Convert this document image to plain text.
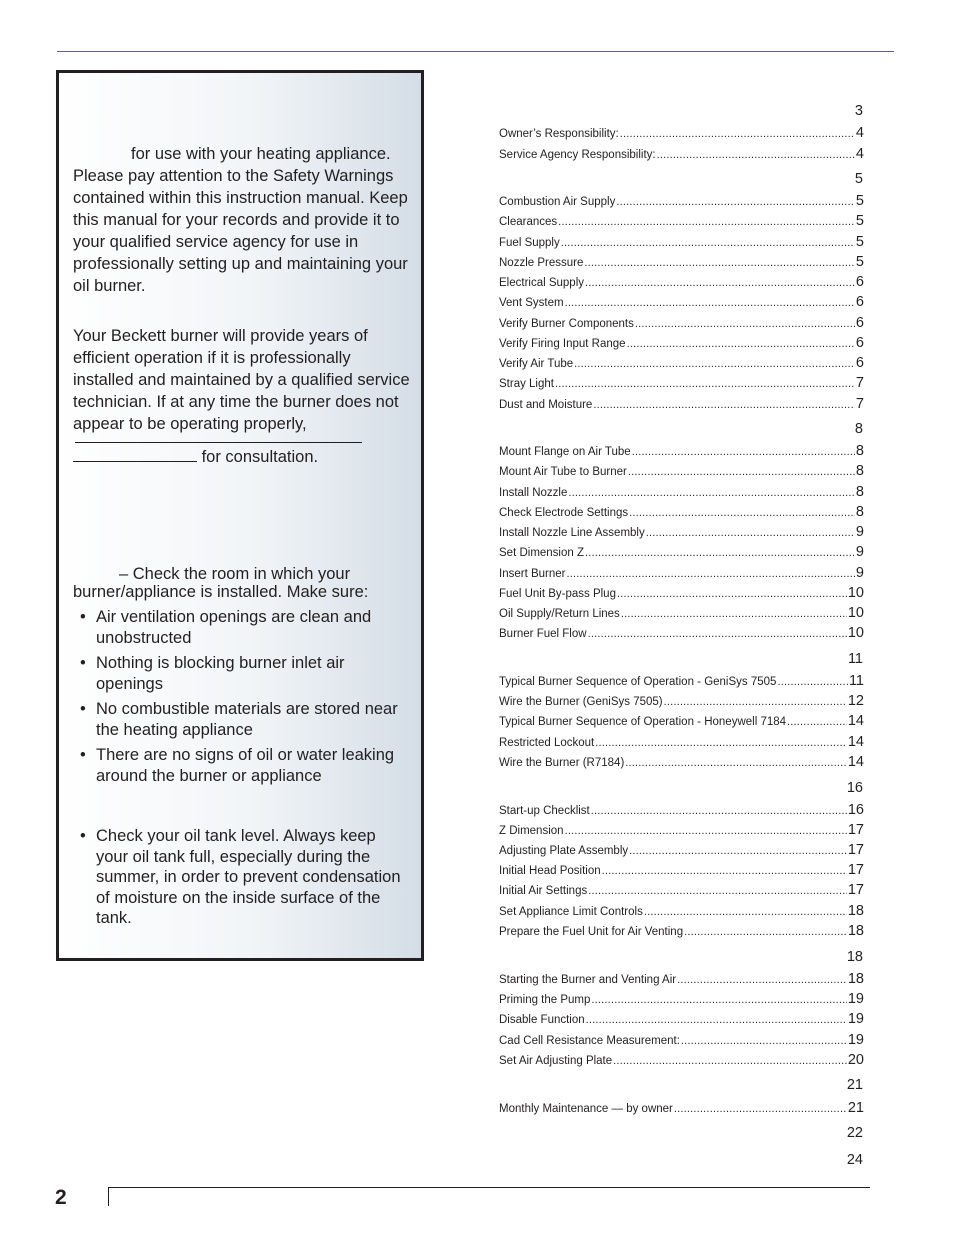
for use with your heating appliance. Please pay attention to the Safety Warnings contained within this instruction manual. Keep this manual for your records and provide it to your qualified service agency for use in professionally setting up and maintaining your oil burner.

Your Beckett burner will provide years of efficient operation if it is professionally installed and maintained by a qualified service technician. If at any time the burner does not appear to be operating properly,

for consultation.

– Check the room in which your burner/appliance is installed. Make sure:

• Air ventilation openings are clean and unobstructed
• Nothing is blocking burner inlet air openings
• No combustible materials are stored near the heating appliance
• There are no signs of oil or water leaking around the burner or appliance
• Check your oil tank level. Always keep your oil tank full, especially during the summer, in order to prevent condensation of moisture on the inside surface of the tank.
3
5
8
11
16
18
21
22
24
Owner’s Responsibility: .....	4
Service Agency Responsibility: .....	4
Combustion Air Supply .....	5
Clearances .....	5
Fuel Supply .....	5
Nozzle Pressure .....	5
Electrical Supply .....	6
Vent System .....	6
Verify Burner Components .....	6
Verify Firing Input Range .....	6
Verify Air Tube .....	6
Stray Light .....	7
Dust and Moisture .....	7
Mount Flange on Air Tube .....	8
Mount Air Tube to Burner .....	8
Install Nozzle .....	8
Check Electrode Settings .....	8
Install Nozzle Line Assembly .....	9
Set Dimension Z .....	9
Insert Burner .....	9
Fuel Unit By-pass Plug .....	10
Oil Supply/Return Lines .....	10
Burner Fuel Flow .....	10
Typical Burner Sequence of Operation - GeniSys 7505 .....	11
Wire the Burner (GeniSys 7505) .....	12
Typical Burner Sequence of Operation - Honeywell 7184 .....	14
Restricted Lockout .....	14
Wire the Burner (R7184) .....	14
Start-up Checklist .....	16
Z Dimension .....	17
Adjusting Plate Assembly .....	17
Initial Head Position .....	17
Initial Air Settings .....	17
Set Appliance Limit Controls .....	18
Prepare the Fuel Unit for Air Venting .....	18
Starting the Burner and Venting Air .....	18
Priming the Pump .....	19
Disable Function .....	19
Cad Cell Resistance Measurement: .....	19
Set Air Adjusting Plate .....	20
Monthly Maintenance — by owner .....	21
2
